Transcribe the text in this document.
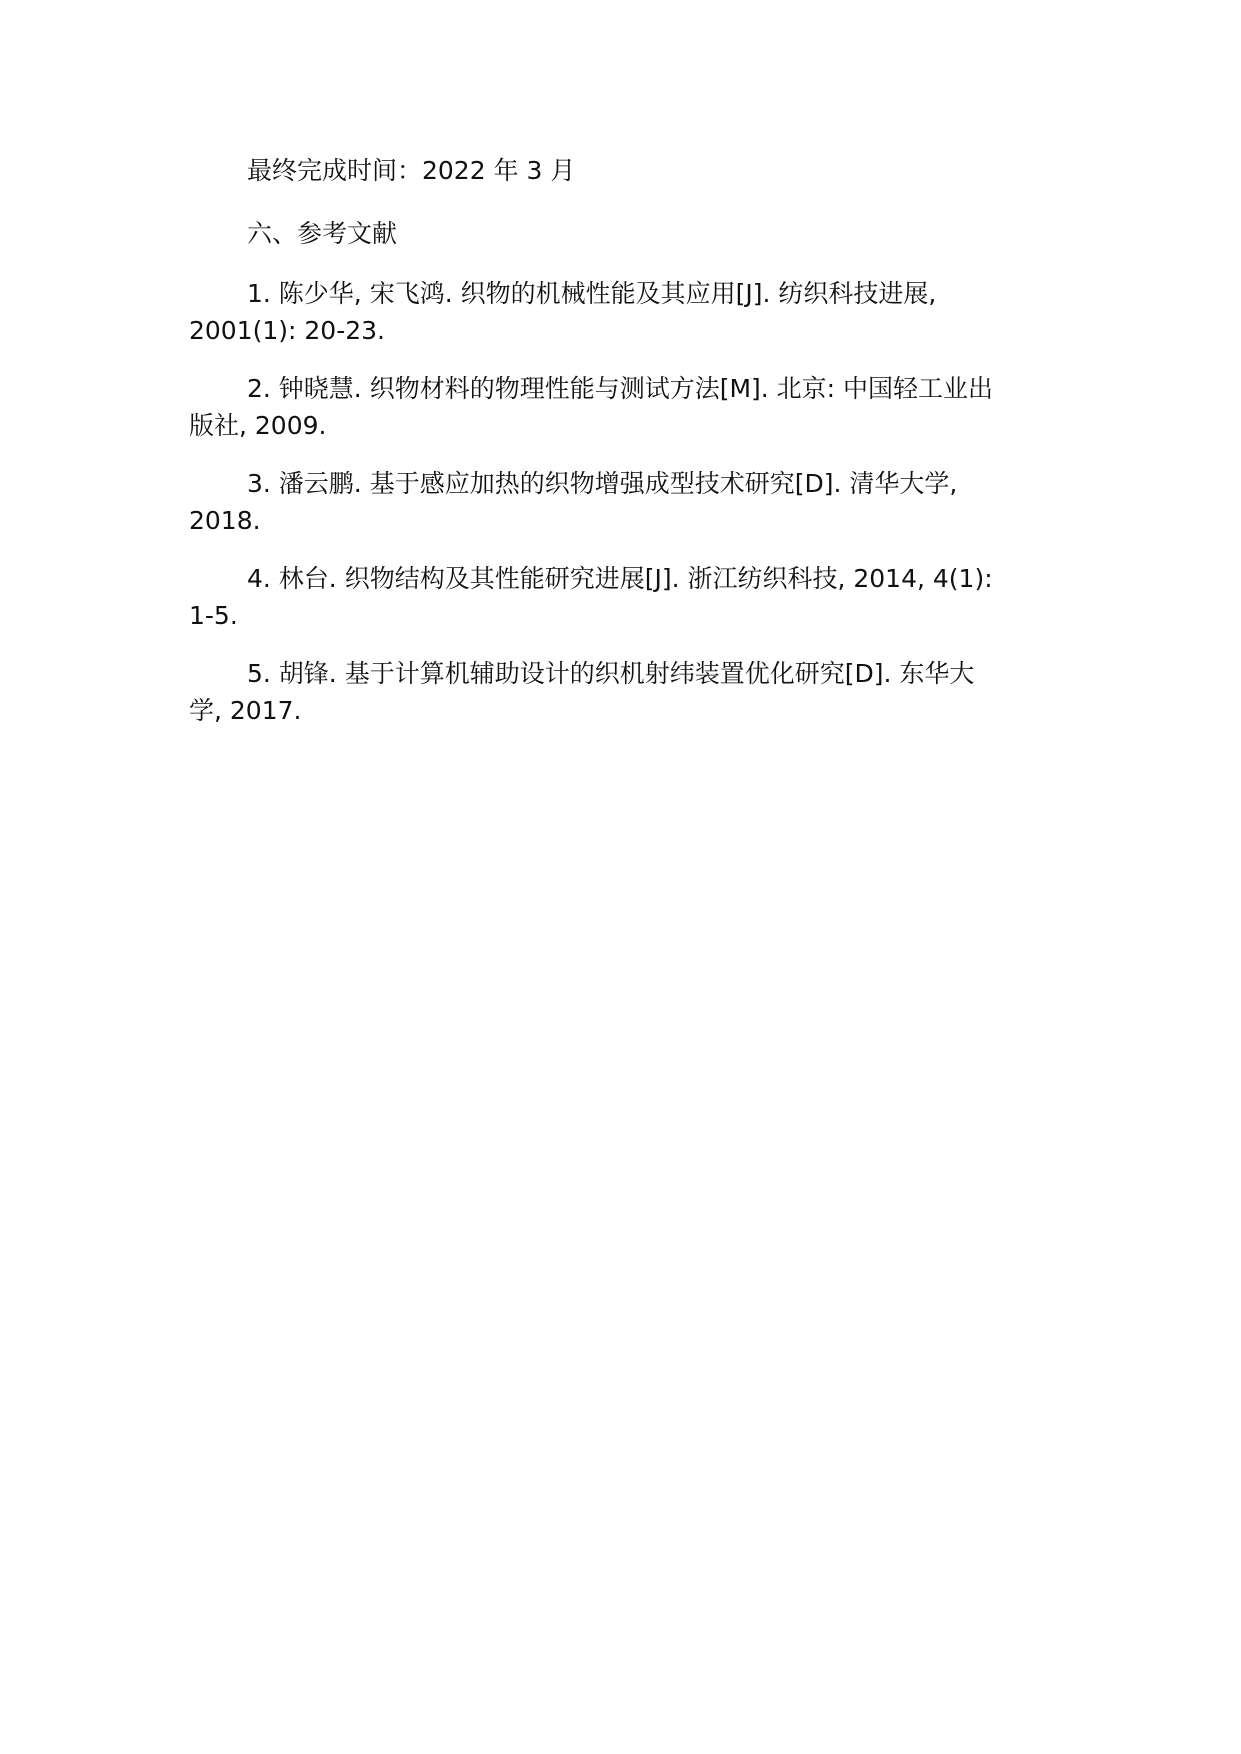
最终完成时间：2022 年 3 月

六、参考文献

1. 陈少华, 宋飞鸿. 织物的机械性能及其应用[J]. 纺织科技进展,
2001(1): 20-23.
2. 钟晓慧. 织物材料的物理性能与测试方法[M]. 北京: 中国轻工业出
版社, 2009.
3. 潘云鹏. 基于感应加热的织物增强成型技术研究[D]. 清华大学,
2018.
4. 林台. 织物结构及其性能研究进展[J]. 浙江纺织科技, 2014, 4(1):
1-5.
5. 胡锋. 基于计算机辅助设计的织机射纬装置优化研究[D]. 东华大
学, 2017.
